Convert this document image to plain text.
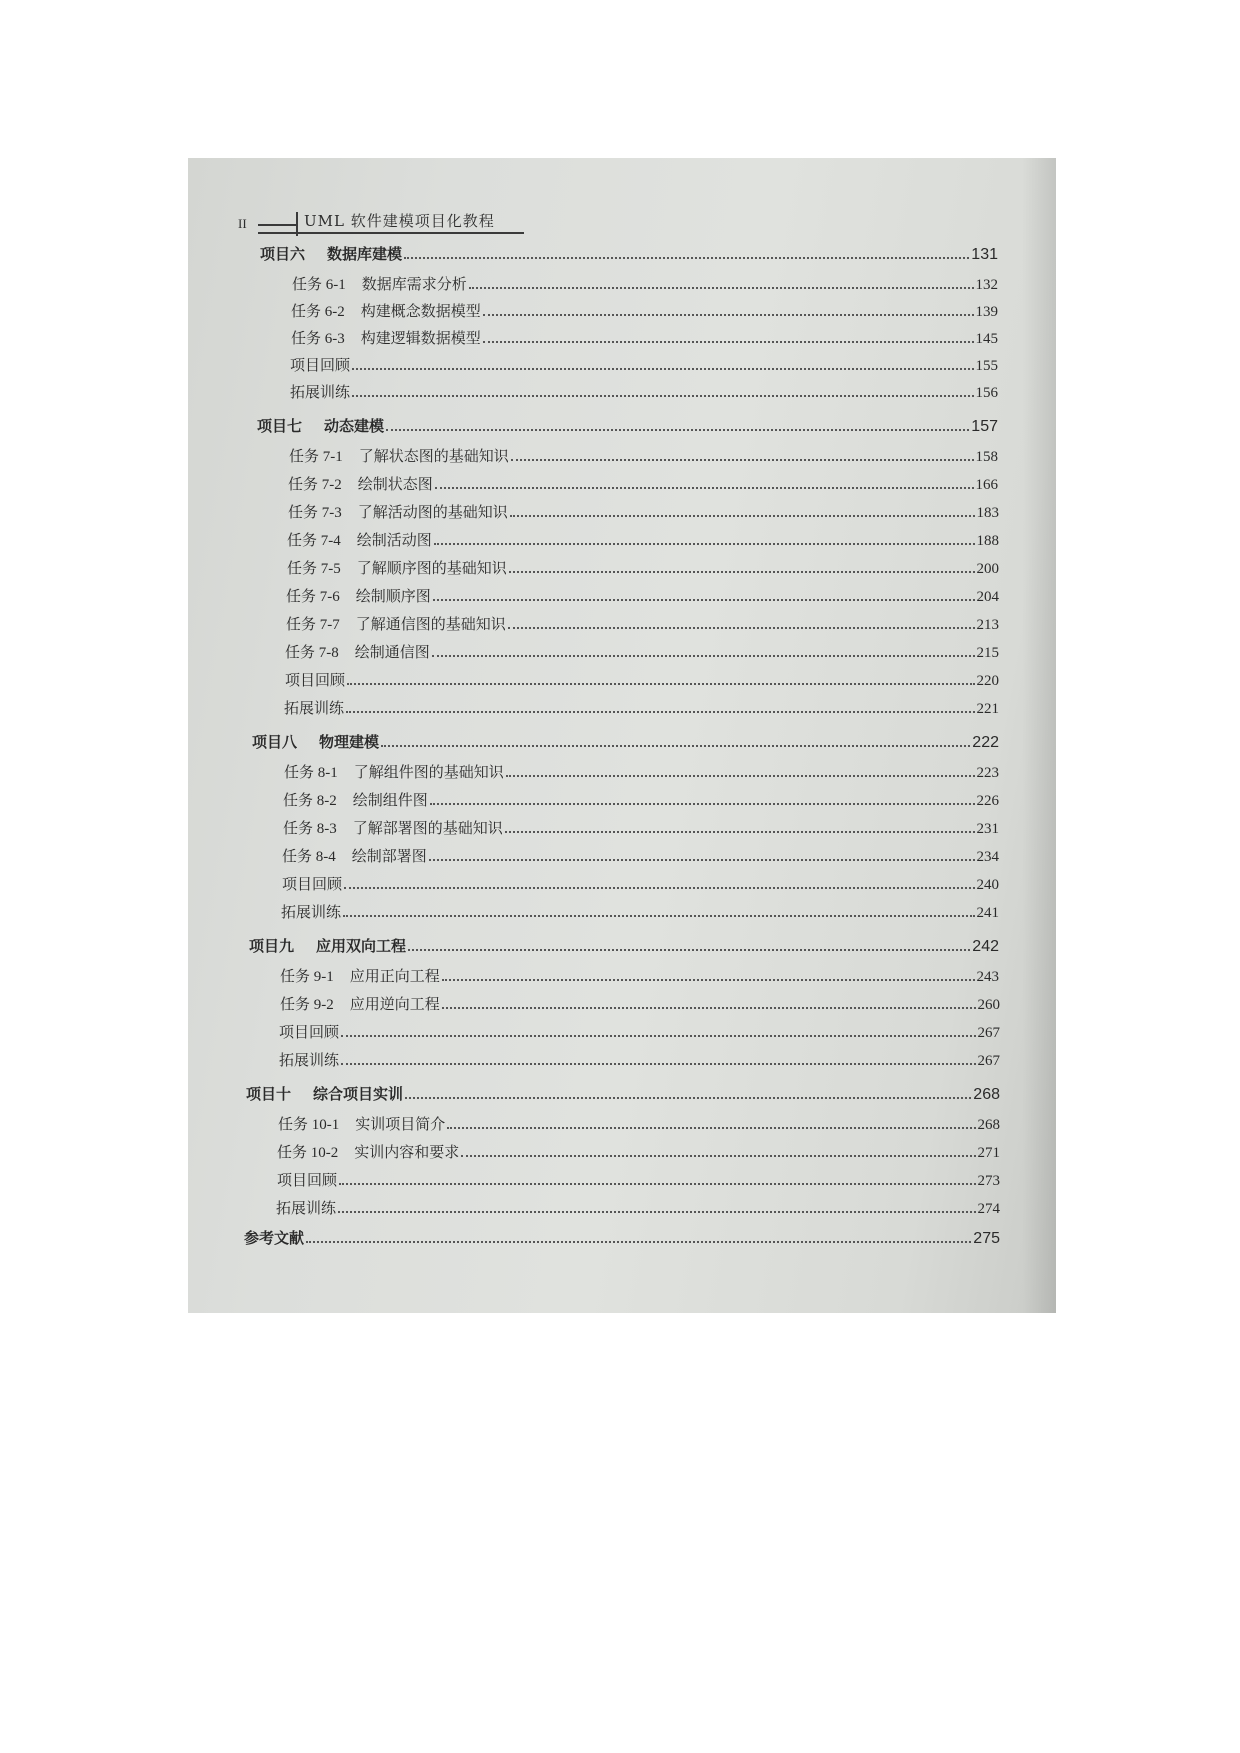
II	UML 软件建模项目化教程
项目六 数据库建模	131
任务 6-1 数据库需求分析	132
任务 6-2 构建概念数据模型	139
任务 6-3 构建逻辑数据模型	145
项目回顾	155
拓展训练	156
项目七 动态建模	157
任务 7-1 了解状态图的基础知识	158
任务 7-2 绘制状态图	166
任务 7-3 了解活动图的基础知识	183
任务 7-4 绘制活动图	188
任务 7-5 了解顺序图的基础知识	200
任务 7-6 绘制顺序图	204
任务 7-7 了解通信图的基础知识	213
任务 7-8 绘制通信图	215
项目回顾	220
拓展训练	221
项目八 物理建模	222
任务 8-1 了解组件图的基础知识	223
任务 8-2 绘制组件图	226
任务 8-3 了解部署图的基础知识	231
任务 8-4 绘制部署图	234
项目回顾	240
拓展训练	241
项目九 应用双向工程	242
任务 9-1 应用正向工程	243
任务 9-2 应用逆向工程	260
项目回顾	267
拓展训练	267
项目十 综合项目实训	268
任务 10-1 实训项目简介	268
任务 10-2 实训内容和要求	271
项目回顾	273
拓展训练	274
参考文献	275
